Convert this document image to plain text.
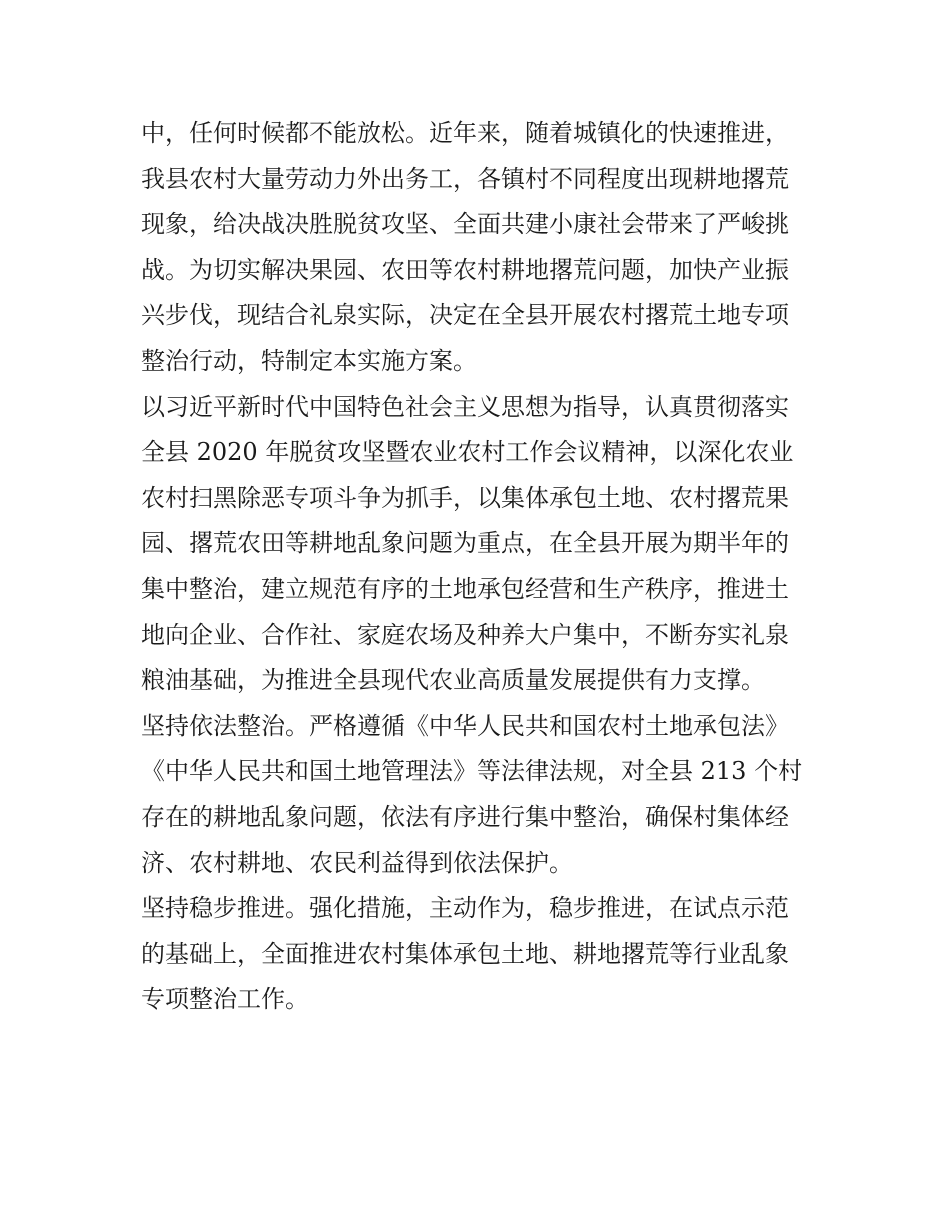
中，任何时候都不能放松。近年来，随着城镇化的快速推进，
我县农村大量劳动力外出务工，各镇村不同程度出现耕地撂荒
现象，给决战决胜脱贫攻坚、全面共建小康社会带来了严峻挑
战。为切实解决果园、农田等农村耕地撂荒问题，加快产业振
兴步伐，现结合礼泉实际，决定在全县开展农村撂荒土地专项
整治行动，特制定本实施方案。
以习近平新时代中国特色社会主义思想为指导，认真贯彻落实
全县 2020 年脱贫攻坚暨农业农村工作会议精神，以深化农业
农村扫黑除恶专项斗争为抓手，以集体承包土地、农村撂荒果
园、撂荒农田等耕地乱象问题为重点，在全县开展为期半年的
集中整治，建立规范有序的土地承包经营和生产秩序，推进土
地向企业、合作社、家庭农场及种养大户集中，不断夯实礼泉
粮油基础，为推进全县现代农业高质量发展提供有力支撑。
坚持依法整治。严格遵循《中华人民共和国农村土地承包法》
《中华人民共和国土地管理法》等法律法规，对全县 213 个村
存在的耕地乱象问题，依法有序进行集中整治，确保村集体经
济、农村耕地、农民利益得到依法保护。
坚持稳步推进。强化措施，主动作为，稳步推进，在试点示范
的基础上，全面推进农村集体承包土地、耕地撂荒等行业乱象
专项整治工作。
